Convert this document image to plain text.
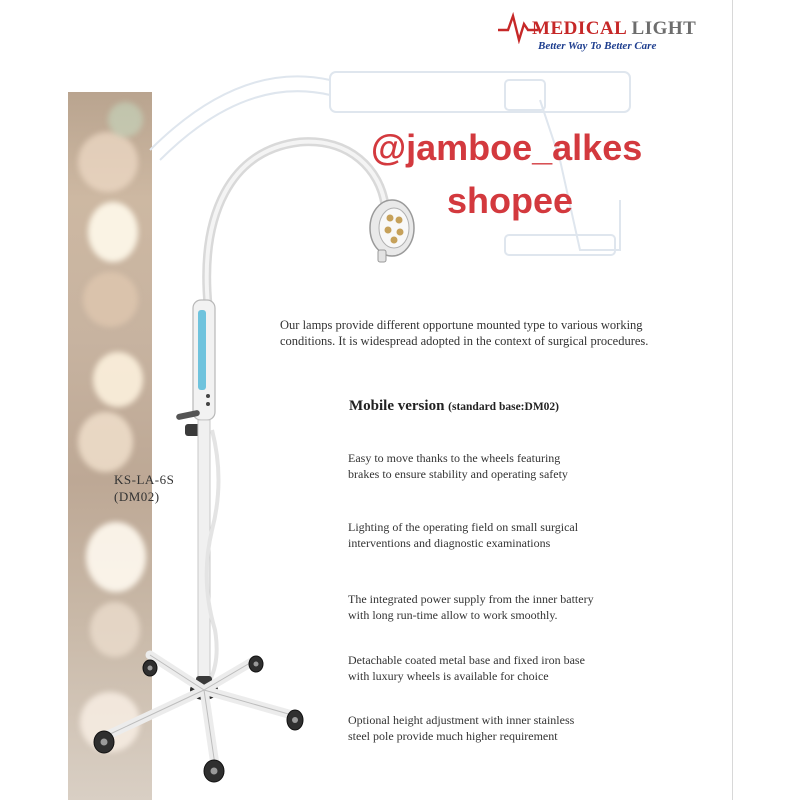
MEDICAL LIGHT
Better Way To Better Care
@jamboe_alkes
shopee
Our lamps provide different opportune mounted type to various working
conditions. It is widespread adopted in the context of surgical procedures.
Mobile version (standard base:DM02)
Easy to move thanks to the wheels featuring
brakes to ensure stability and operating safety
Lighting of the operating field on small surgical
interventions and diagnostic examinations
The integrated power supply from the inner battery
with long run-time allow to work smoothly.
Detachable coated metal base and fixed iron base
with luxury wheels is available for choice
Optional height adjustment with inner stainless
steel pole provide much higher requirement
KS-LA-6S
(DM02)
